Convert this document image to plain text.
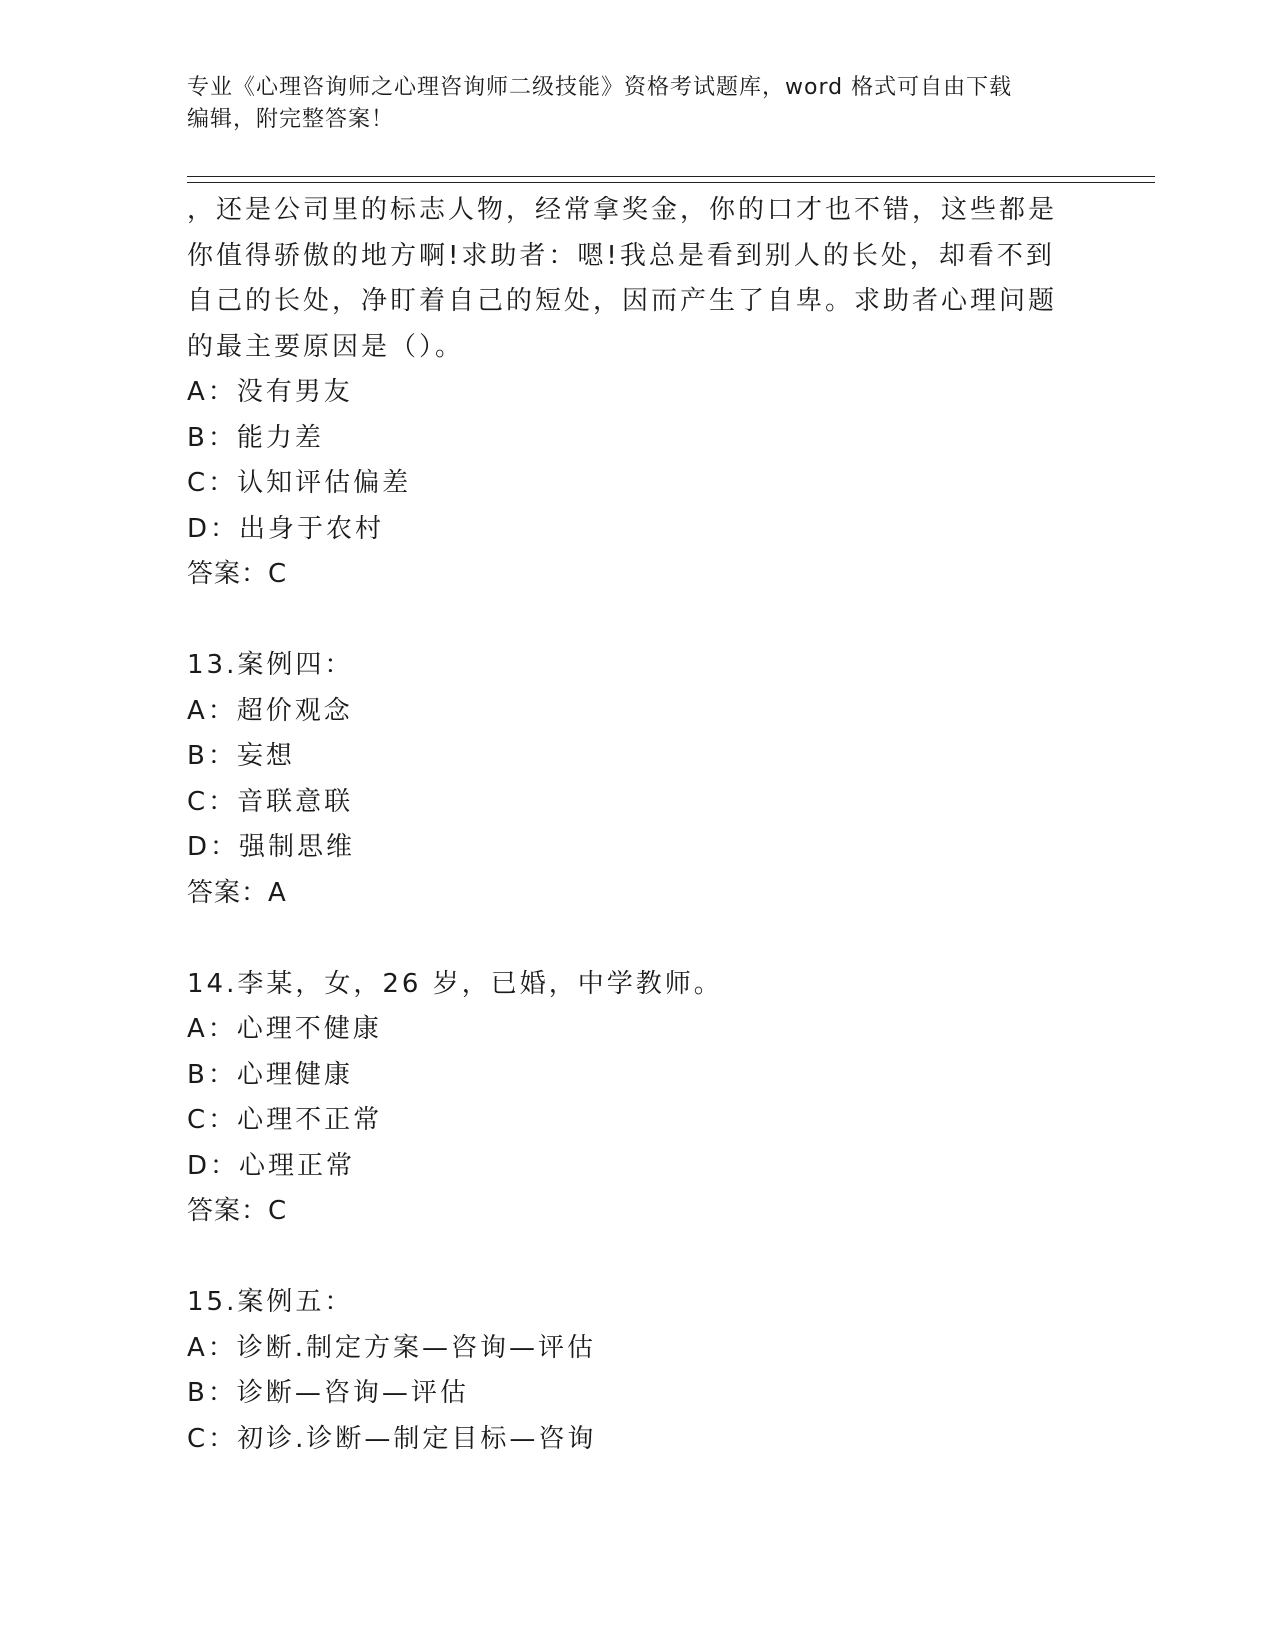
专业《心理咨询师之心理咨询师二级技能》资格考试题库，word 格式可自由下载
编辑，附完整答案！
，还是公司里的标志人物，经常拿奖金，你的口才也不错，这些都是
你值得骄傲的地方啊!求助者：嗯!我总是看到别人的长处，却看不到
自己的长处，净盯着自己的短处，因而产生了自卑。求助者心理问题
的最主要原因是（）。
A：没有男友
B：能力差
C：认知评估偏差
D：出身于农村
答案：C
13.案例四：
A：超价观念
B：妄想
C：音联意联
D：强制思维
答案：A
14.李某，女，26 岁，已婚，中学教师。
A：心理不健康
B：心理健康
C：心理不正常
D：心理正常
答案：C
15.案例五：
A：诊断.制定方案—咨询—评估
B：诊断—咨询—评估
C：初诊.诊断—制定目标—咨询
